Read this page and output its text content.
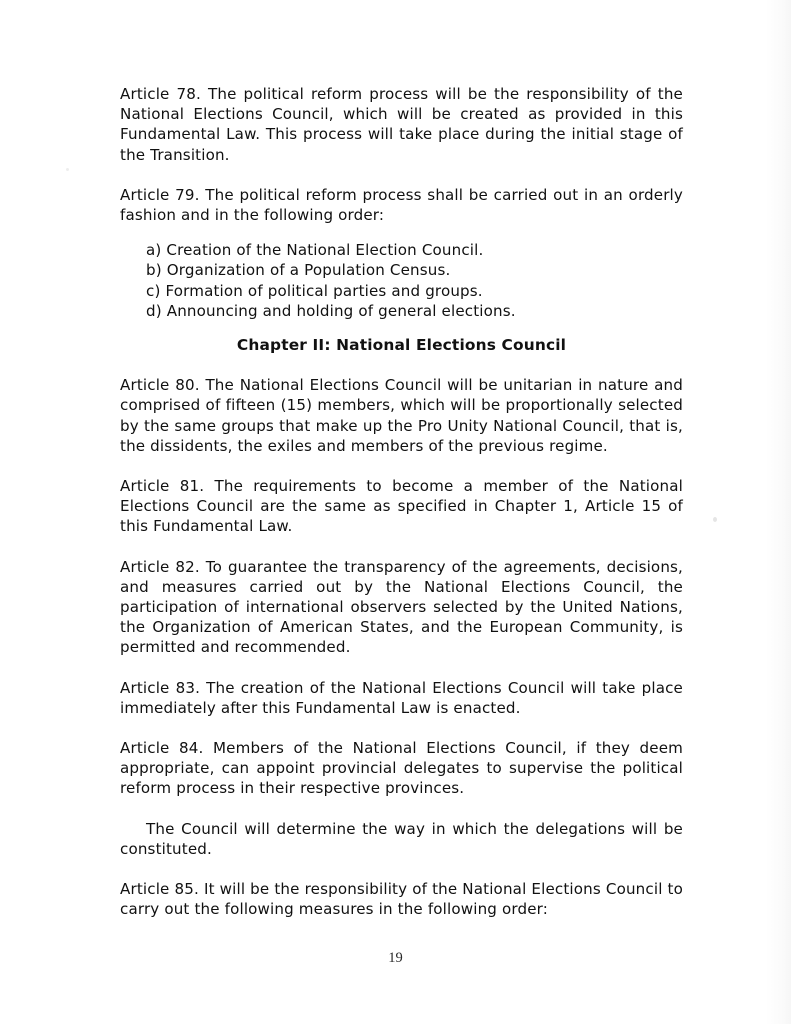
Article 78. The political reform process will be the responsibility of the National Elections Council, which will be created as provided in this Fundamental Law. This process will take place during the initial stage of the Transition.

Article 79. The political reform process shall be carried out in an orderly fashion and in the following order:

a) Creation of the National Election Council.
b) Organization of a Population Census.
c) Formation of political parties and groups.
d) Announcing and holding of general elections.
Chapter II: National Elections Council

Article 80. The National Elections Council will be unitarian in nature and comprised of fifteen (15) members, which will be proportionally selected by the same groups that make up the Pro Unity National Council, that is, the dissidents, the exiles and members of the previous regime.

Article 81. The requirements to become a member of the National Elections Council are the same as specified in Chapter 1, Article 15 of this Fundamental Law.

Article 82. To guarantee the transparency of the agreements, decisions, and measures carried out by the National Elections Council, the participation of international observers selected by the United Nations, the Organization of American States, and the European Community, is permitted and recommended.

Article 83. The creation of the National Elections Council will take place immediately after this Fundamental Law is enacted.

Article 84. Members of the National Elections Council, if they deem appropriate, can appoint provincial delegates to supervise the political reform process in their respective provinces.

The Council will determine the way in which the delegations will be constituted.

Article 85. It will be the responsibility of the National Elections Council to carry out the following measures in the following order:

19
